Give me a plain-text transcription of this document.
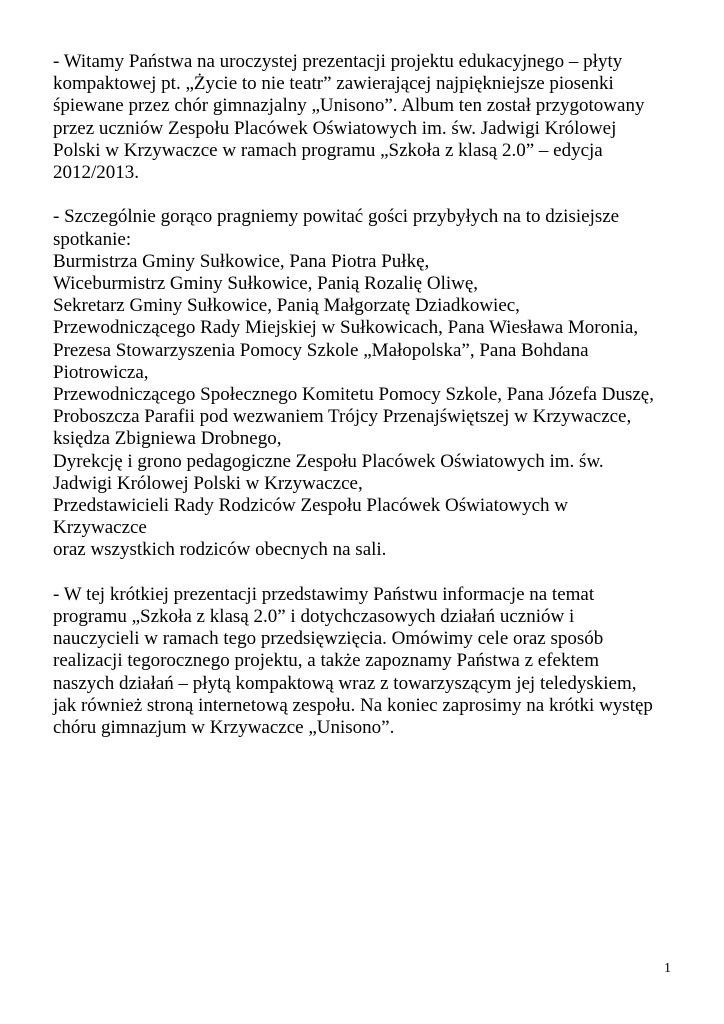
- Witamy Państwa na uroczystej prezentacji projektu edukacyjnego – płyty
kompaktowej pt. „Życie to nie teatr” zawierającej najpiękniejsze piosenki
śpiewane przez chór gimnazjalny „Unisono”. Album ten został przygotowany
przez uczniów Zespołu Placówek Oświatowych im. św. Jadwigi Królowej
Polski w Krzywaczce w ramach programu „Szkoła z klasą 2.0” – edycja
2012/2013.
- Szczególnie gorąco pragniemy powitać gości przybyłych na to dzisiejsze
spotkanie:
Burmistrza Gminy Sułkowice, Pana Piotra Pułkę,
Wiceburmistrz Gminy Sułkowice, Panią Rozalię Oliwę,
Sekretarz Gminy Sułkowice, Panią Małgorzatę Dziadkowiec,
Przewodniczącego Rady Miejskiej w Sułkowicach, Pana Wiesława Moronia,
Prezesa Stowarzyszenia Pomocy Szkole „Małopolska”, Pana Bohdana
Piotrowicza,
Przewodniczącego Społecznego Komitetu Pomocy Szkole, Pana Józefa Duszę,
Proboszcza Parafii pod wezwaniem Trójcy Przenajświętszej w Krzywaczce,
księdza Zbigniewa Drobnego,
Dyrekcję i grono pedagogiczne Zespołu Placówek Oświatowych im. św.
Jadwigi Królowej Polski w Krzywaczce,
Przedstawicieli Rady Rodziców Zespołu Placówek Oświatowych w
Krzywaczce
oraz wszystkich rodziców obecnych na sali.
- W tej krótkiej prezentacji przedstawimy Państwu informacje na temat
programu „Szkoła z klasą 2.0” i dotychczasowych działań uczniów i
nauczycieli w ramach tego przedsięwzięcia. Omówimy cele oraz sposób
realizacji tegorocznego projektu, a także zapoznamy Państwa z efektem
naszych działań – płytą kompaktową wraz z towarzyszącym jej teledyskiem,
jak również stroną internetową zespołu. Na koniec zaprosimy na krótki występ
chóru gimnazjum w Krzywaczce „Unisono”.
1
